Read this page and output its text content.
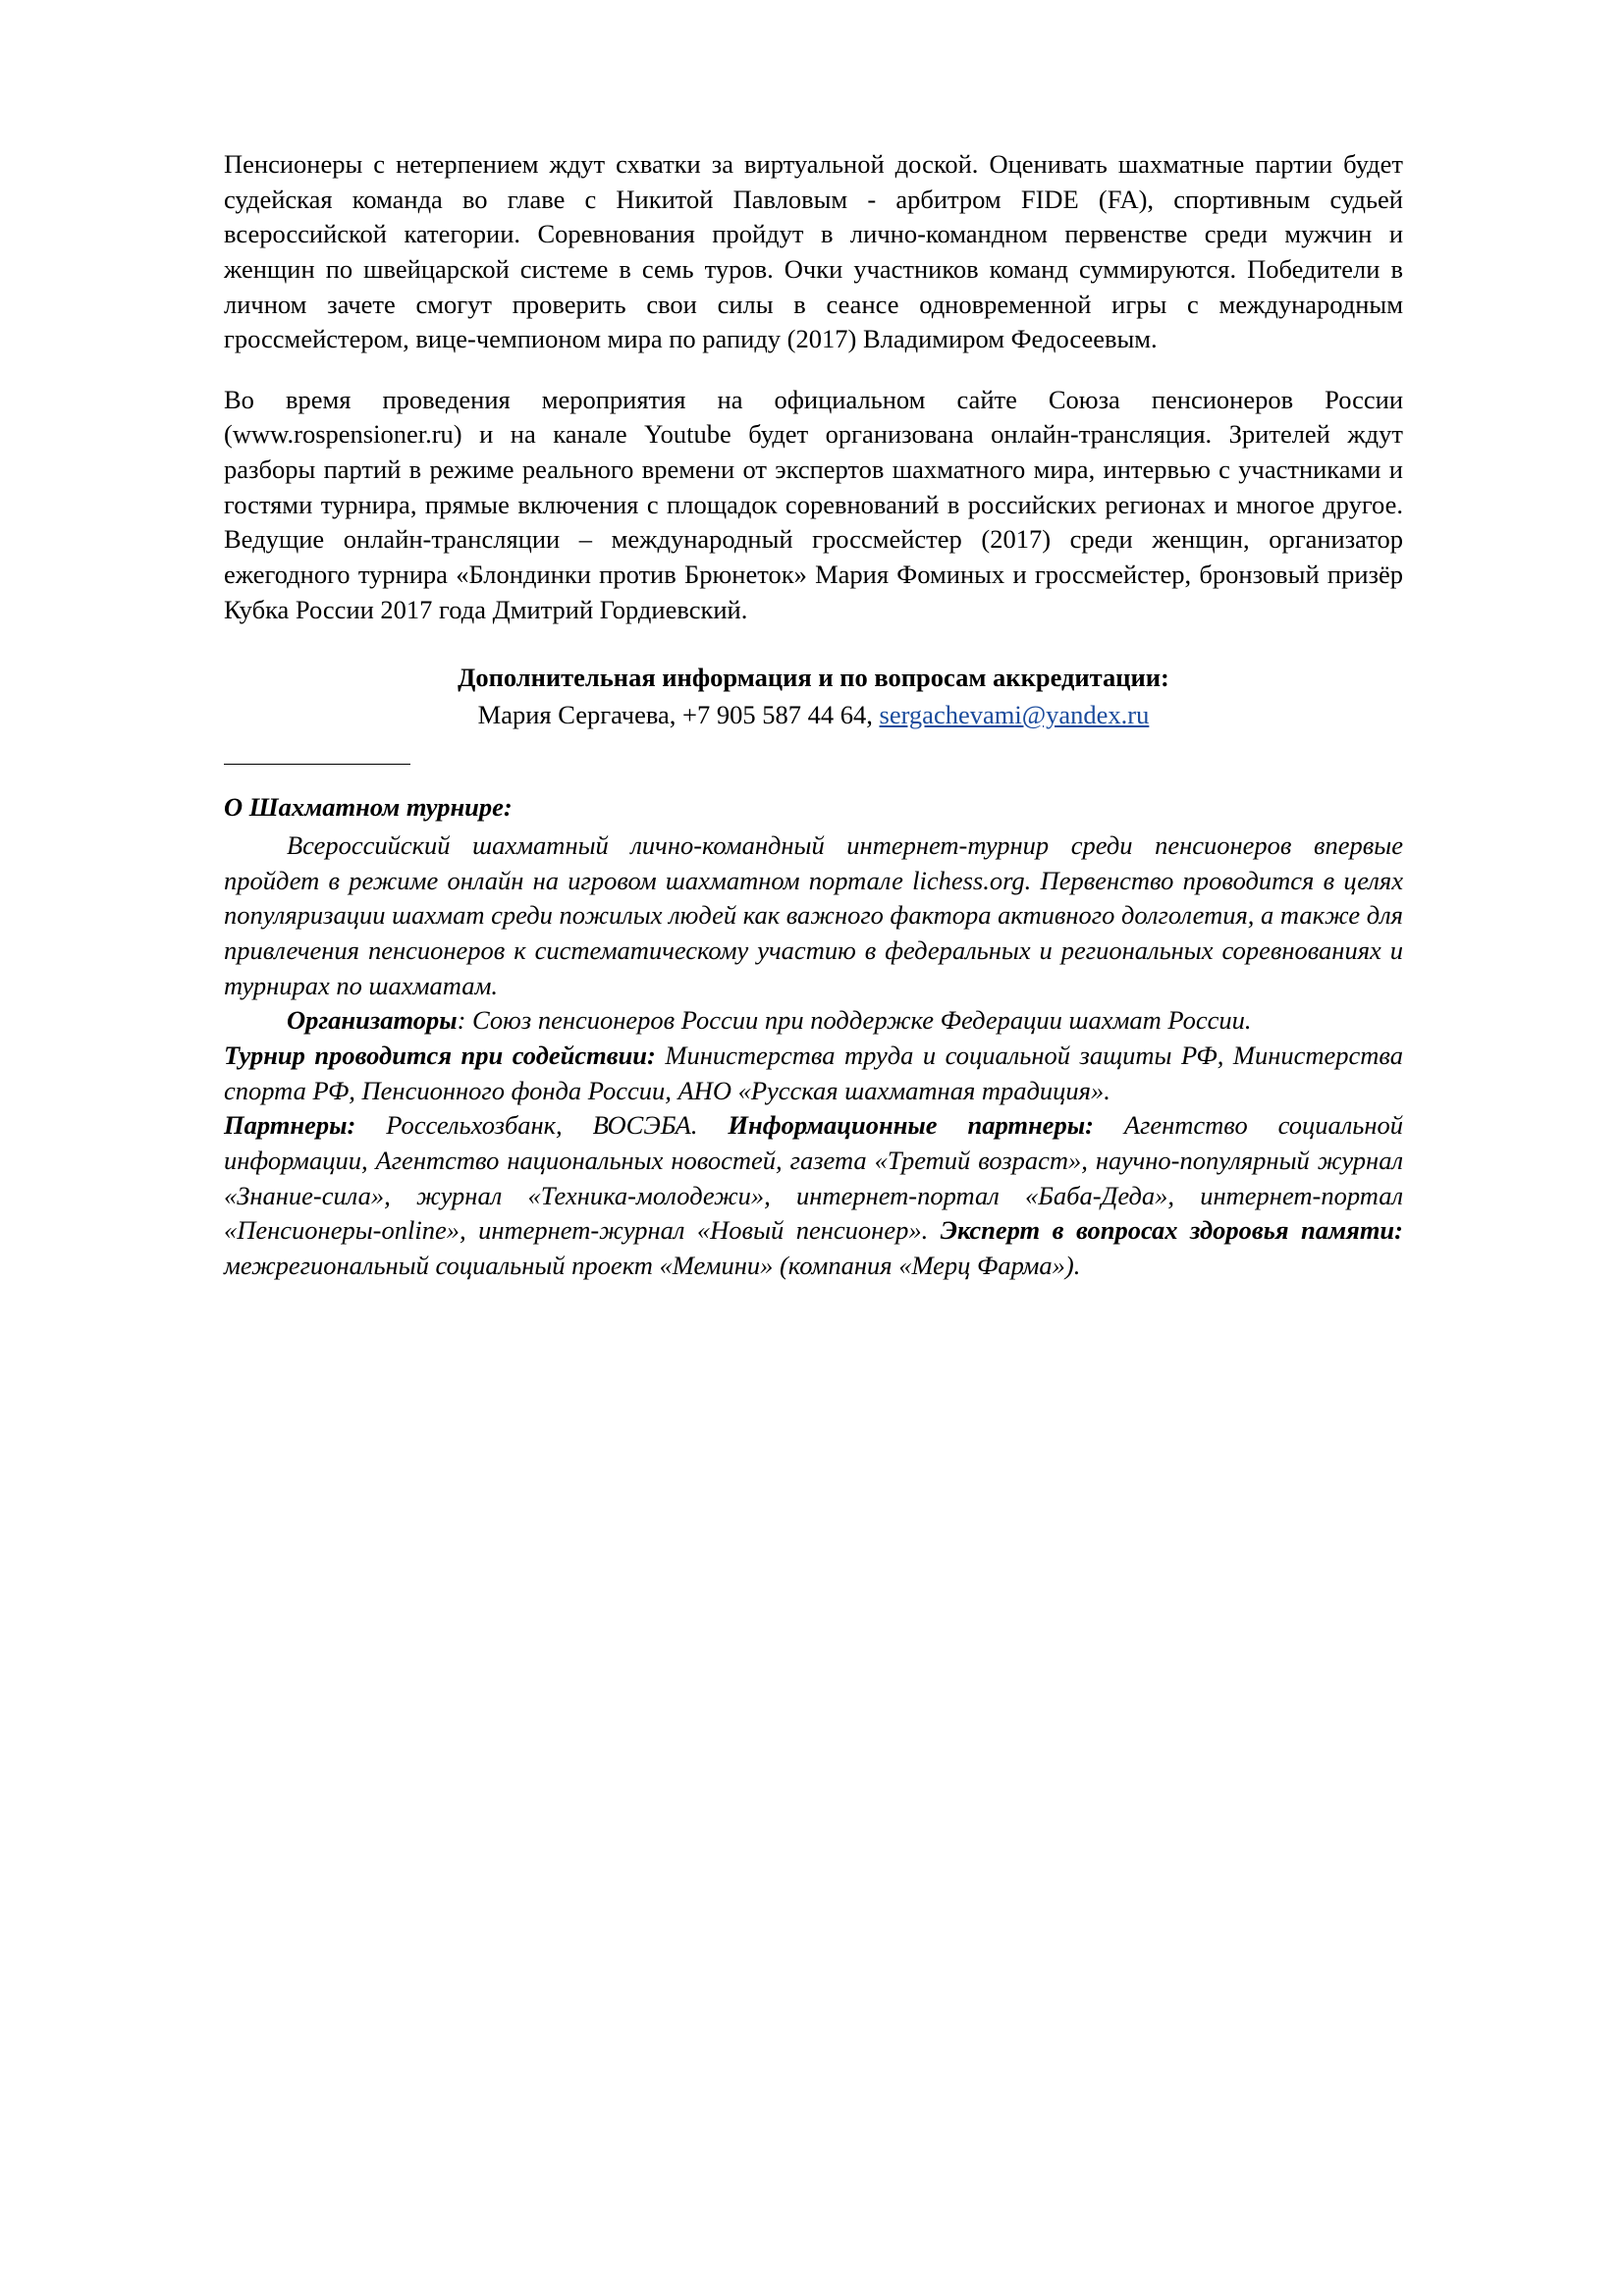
Пенсионеры с нетерпением ждут схватки за виртуальной доской. Оценивать шахматные партии будет судейская команда во главе с Никитой Павловым - арбитром FIDE (FA), спортивным судьей всероссийской категории. Соревнования пройдут в лично-командном первенстве среди мужчин и женщин по швейцарской системе в семь туров. Очки участников команд суммируются. Победители в личном зачете смогут проверить свои силы в сеансе одновременной игры с международным гроссмейстером, вице-чемпионом мира по рапиду (2017) Владимиром Федосеевым.

Во время проведения мероприятия на официальном сайте Союза пенсионеров России (www.rospensioner.ru) и на канале Youtube будет организована онлайн-трансляция. Зрителей ждут разборы партий в режиме реального времени от экспертов шахматного мира, интервью с участниками и гостями турнира, прямые включения с площадок соревнований в российских регионах и многое другое. Ведущие онлайн-трансляции – международный гроссмейстер (2017) среди женщин, организатор ежегодного турнира «Блондинки против Брюнеток» Мария Фоминых и гроссмейстер, бронзовый призёр Кубка России 2017 года Дмитрий Гордиевский.

Дополнительная информация и по вопросам аккредитации:
Мария Сергачева, +7 905 587 44 64, sergachevami@yandex.ru
О Шахматном турнире:

Всероссийский шахматный лично-командный интернет-турнир среди пенсионеров впервые пройдет в режиме онлайн на игровом шахматном портале lichess.org. Первенство проводится в целях популяризации шахмат среди пожилых людей как важного фактора активного долголетия, а также для привлечения пенсионеров к систематическому участию в федеральных и региональных соревнованиях и турнирах по шахматам.

Организаторы: Союз пенсионеров России при поддержке Федерации шахмат России.

Турнир проводится при содействии: Министерства труда и социальной защиты РФ, Министерства спорта РФ, Пенсионного фонда России, АНО «Русская шахматная традиция».

Партнеры: Россельхозбанк, ВОСЭБА. Информационные партнеры: Агентство социальной информации, Агентство национальных новостей, газета «Третий возраст», научно-популярный журнал «Знание-сила», журнал «Техника-молодежи», интернет-портал «Баба-Деда», интернет-портал «Пенсионеры-online», интернет-журнал «Новый пенсионер». Эксперт в вопросах здоровья памяти: межрегиональный социальный проект «Мемини» (компания «Мерц Фарма»).
